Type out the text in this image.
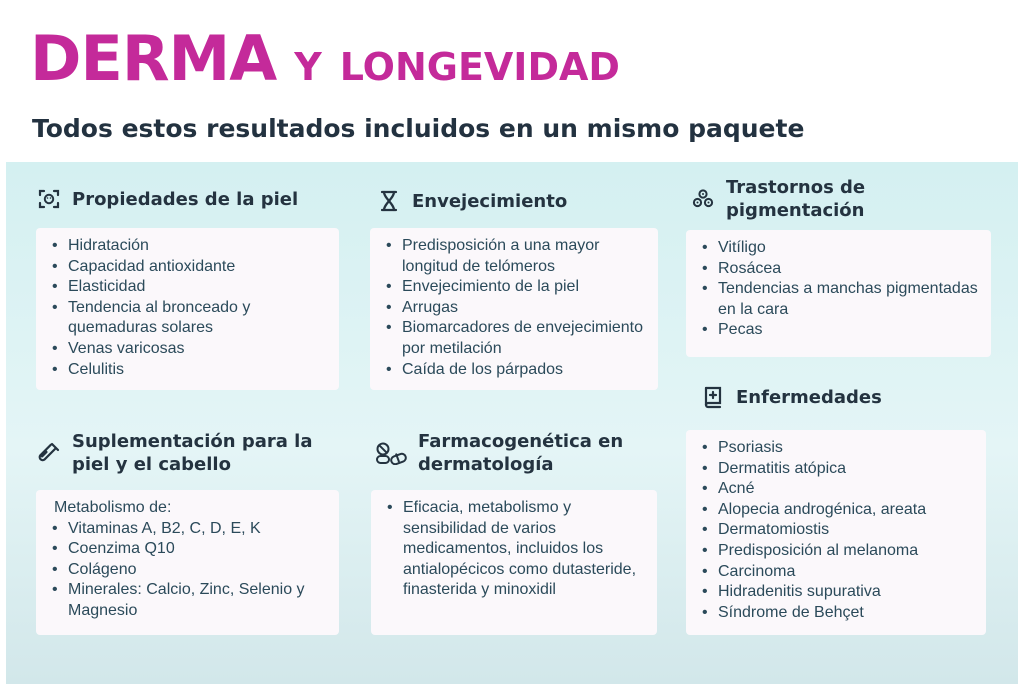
DERMA Y LONGEVIDAD
Todos estos resultados incluidos en un mismo paquete
Propiedades de la piel
• Hidratación
• Capacidad antioxidante
• Elasticidad
• Tendencia al bronceado y quemaduras solares
• Venas varicosas
• Celulitis
Envejecimiento
• Predisposición a una mayor longitud de telómeros
• Envejecimiento de la piel
• Arrugas
• Biomarcadores de envejecimiento por metilación
• Caída de los párpados
Trastornos de
pigmentación
• Vitíligo
• Rosácea
• Tendencias a manchas pigmentadas en la cara
• Pecas
Suplementación para la
piel y el cabello
Metabolismo de:
• Vitaminas A, B2, C, D, E, K
• Coenzima Q10
• Colágeno
• Minerales: Calcio, Zinc, Selenio y Magnesio
Farmacogenética en
dermatología
• Eficacia, metabolismo y sensibilidad de varios medicamentos, incluidos los antialopécicos como dutasteride, finasterida y minoxidil
Enfermedades
• Psoriasis
• Dermatitis atópica
• Acné
• Alopecia androgénica, areata
• Dermatomiostis
• Predisposición al melanoma
• Carcinoma
• Hidradenitis supurativa
• Síndrome de Behçet
